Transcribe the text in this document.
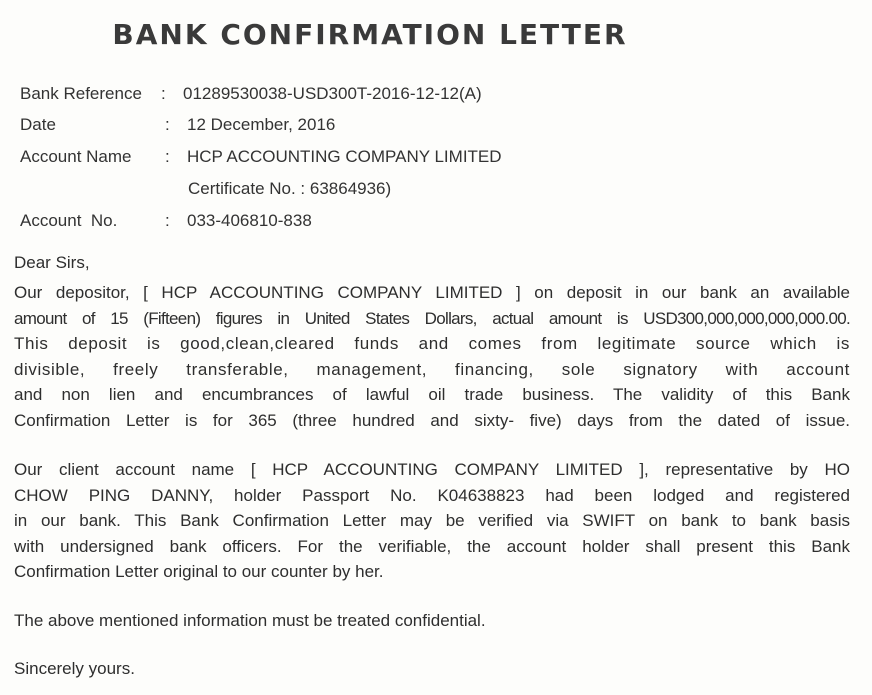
BANK CONFIRMATION LETTER
Bank Reference : 01289530038-USD300T-2016-12-12(A)
Date	: 12 December, 2016
Account Name : HCP ACCOUNTING COMPANY LIMITED
Certificate No. : 63864936)
Account  No.	: 033-406810-838
Dear Sirs,
Our depositor, [ HCP ACCOUNTING COMPANY LIMITED ] on deposit in our bank an available
amount of 15 (Fifteen) figures in United States Dollars, actual amount is USD300,000,000,000,000.00.
This deposit is good,clean,cleared funds and comes from legitimate source which is
divisible, freely transferable, management, financing, sole signatory with account
and non lien and encumbrances of lawful oil trade business. The validity of this Bank
Confirmation Letter is for 365 (three hundred and sixty- five) days from the dated of issue.
Our client account name [ HCP ACCOUNTING COMPANY LIMITED ], representative by HO
CHOW PING DANNY, holder Passport No. K04638823 had been lodged and registered
in our bank. This Bank Confirmation Letter may be verified via SWIFT on bank to bank basis
with undersigned bank officers. For the verifiable, the account holder shall present this Bank
Confirmation Letter original to our counter by her.
The above mentioned information must be treated confidential.
Sincerely yours.
